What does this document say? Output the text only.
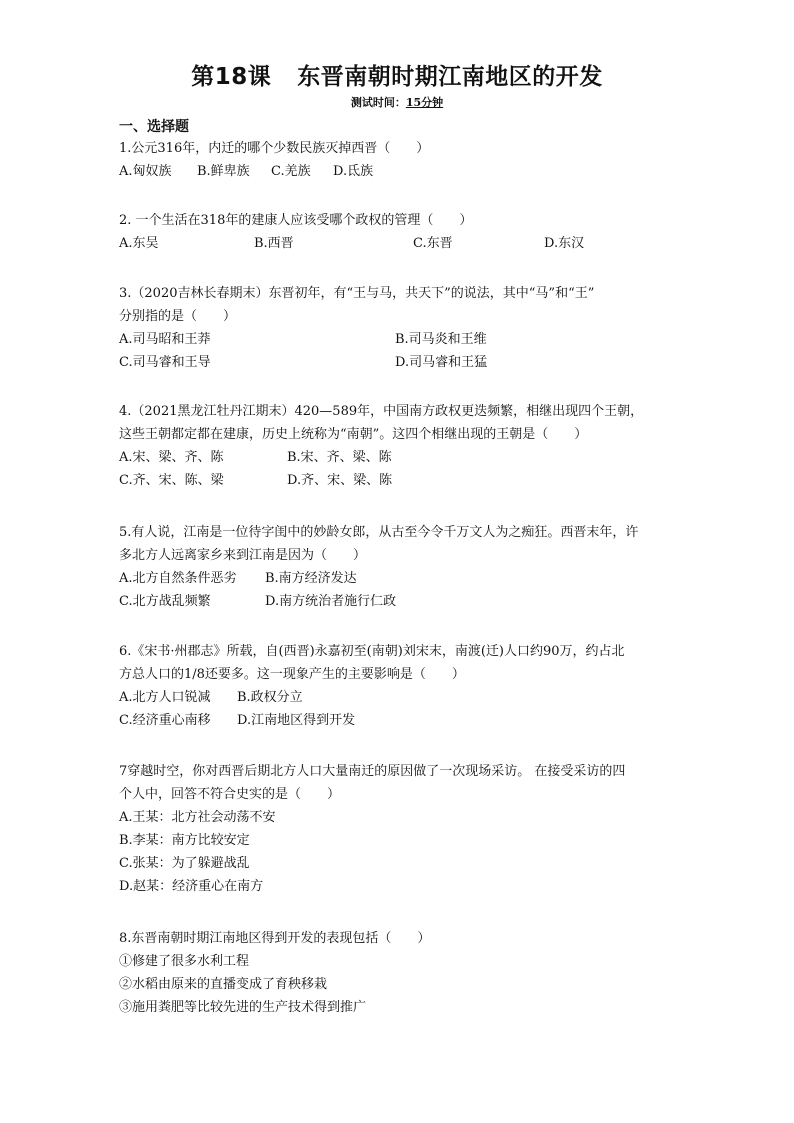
第18课 东晋南朝时期江南地区的开发
测试时间：15分钟
一、选择题
1.公元316年，内迁的哪个少数民族灭掉西晋（　　）
A.匈奴族 B.鲜卑族 C.羌族 D.氐族
2. 一个生活在318年的建康人应该受哪个政权的管理（　　）
A.东吴	B.西晋	C.东晋	D.东汉
3.（2020吉林长春期末）东晋初年，有“王与马，共天下”的说法，其中“马”和“王”
分别指的是（　　）
A.司马昭和王莽	B.司马炎和王维
C.司马睿和王导	D.司马睿和王猛
4.（2021黑龙江牡丹江期末）420—589年，中国南方政权更迭频繁，相继出现四个王朝，
这些王朝都定都在建康，历史上统称为“南朝”。这四个相继出现的王朝是（　　）
A.宋、梁、齐、陈	B.宋、齐、梁、陈
C.齐、宋、陈、梁	D.齐、宋、梁、陈
5.有人说，江南是一位待字闺中的妙龄女郎，从古至今令千万文人为之痴狂。西晋末年，许
多北方人远离家乡来到江南是因为（　　）
A.北方自然条件恶劣 B.南方经济发达
C.北方战乱频繁	D.南方统治者施行仁政
6.《宋书·州郡志》所载，自(西晋)永嘉初至(南朝)刘宋末，南渡(迁)人口约90万，约占北
方总人口的1/8还要多。这一现象产生的主要影响是（　　）
A.北方人口锐减 B.政权分立
C.经济重心南移 D.江南地区得到开发
7穿越时空，你对西晋后期北方人口大量南迁的原因做了一次现场采访。 在接受采访的四
个人中，回答不符合史实的是（　　）
A.王某：北方社会动荡不安
B.李某：南方比较安定
C.张某：为了躲避战乱
D.赵某：经济重心在南方
8.东晋南朝时期江南地区得到开发的表现包括（　　）
①修建了很多水利工程
②水稻由原来的直播变成了育秧移栽
③施用粪肥等比较先进的生产技术得到推广
